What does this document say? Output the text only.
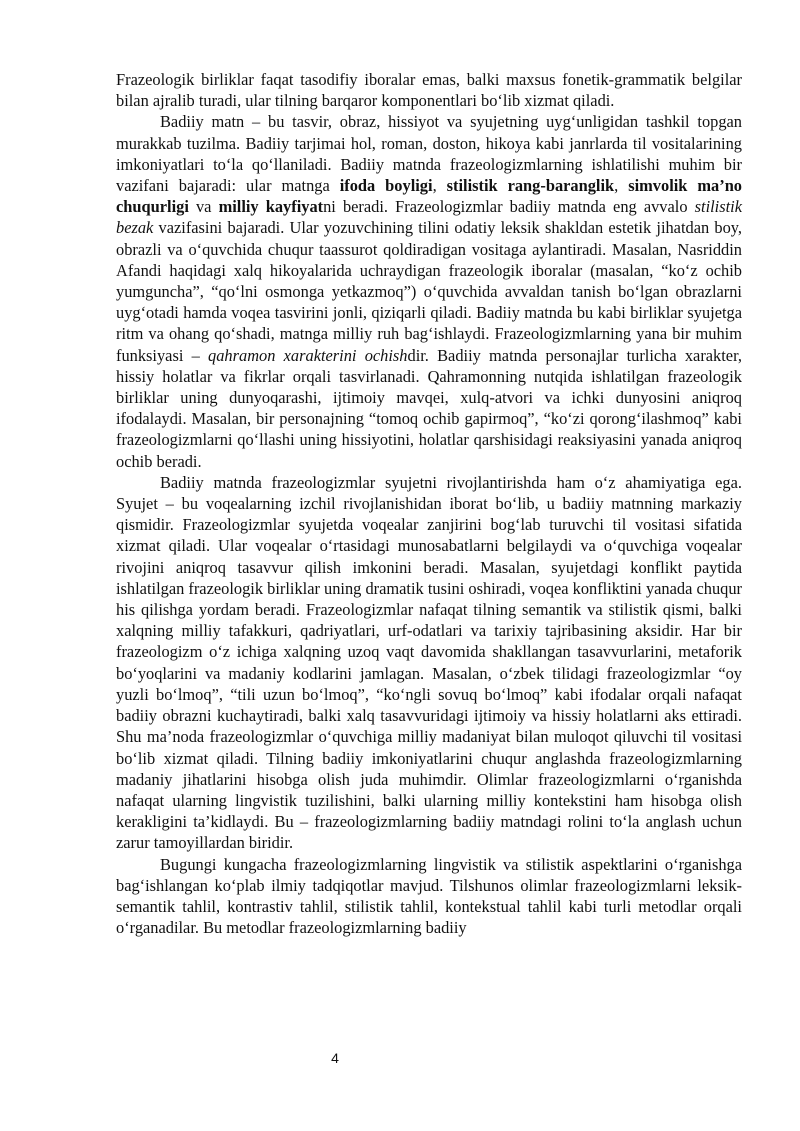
Frazeologik birliklar faqat tasodifiy iboralar emas, balki maxsus fonetik-grammatik belgilar bilan ajralib turadi, ular tilning barqaror komponentlari bo‘lib xizmat qiladi.

Badiiy matn – bu tasvir, obraz, hissiyot va syujetning uyg‘unligidan tashkil topgan murakkab tuzilma. Badiiy tarjimai hol, roman, doston, hikoya kabi janrlarda til vositalarining imkoniyatlari to‘la qo‘llaniladi. Badiiy matnda frazeologizmlarning ishlatilishi muhim bir vazifani bajaradi: ular matnga ifoda boyligi, stilistik rang-baranglik, simvolik ma’no chuqurligi va milliy kayfiyatni beradi. Frazeologizmlar badiiy matnda eng avvalo stilistik bezak vazifasini bajaradi. Ular yozuvchining tilini odatiy leksik shakldan estetik jihatdan boy, obrazli va o‘quvchida chuqur taassurot qoldiradigan vositaga aylantiradi. Masalan, Nasriddin Afandi haqidagi xalq hikoyalarida uchraydigan frazeologik iboralar (masalan, “ko‘z ochib yumguncha”, “qo‘lni osmonga yetkazmoq”) o‘quvchida avvaldan tanish bo‘lgan obrazlarni uyg‘otadi hamda voqea tasvirini jonli, qiziqarli qiladi. Badiiy matnda bu kabi birliklar syujetga ritm va ohang qo‘shadi, matnga milliy ruh bag‘ishlaydi. Frazeologizmlarning yana bir muhim funksiyasi – qahramon xarakterini ochishdir. Badiiy matnda personajlar turlicha xarakter, hissiy holatlar va fikrlar orqali tasvirlanadi. Qahramonning nutqida ishlatilgan frazeologik birliklar uning dunyoqarashi, ijtimoiy mavqei, xulq-atvori va ichki dunyosini aniqroq ifodalaydi. Masalan, bir personajning “tomoq ochib gapirmoq”, “ko‘zi qorong‘ilashmoq” kabi frazeologizmlarni qo‘llashi uning hissiyotini, holatlar qarshisidagi reaksiyasini yanada aniqroq ochib beradi.

Badiiy matnda frazeologizmlar syujetni rivojlantirishda ham o‘z ahamiyatiga ega. Syujet – bu voqealarning izchil rivojlanishidan iborat bo‘lib, u badiiy matnning markaziy qismidir. Frazeologizmlar syujetda voqealar zanjirini bog‘lab turuvchi til vositasi sifatida xizmat qiladi. Ular voqealar o‘rtasidagi munosabatlarni belgilaydi va o‘quvchiga voqealar rivojini aniqroq tasavvur qilish imkonini beradi. Masalan, syujetdagi konflikt paytida ishlatilgan frazeologik birliklar uning dramatik tusini oshiradi, voqea konfliktini yanada chuqur his qilishga yordam beradi. Frazeologizmlar nafaqat tilning semantik va stilistik qismi, balki xalqning milliy tafakkuri, qadriyatlari, urf-odatlari va tarixiy tajribasining aksidir. Har bir frazeologizm o‘z ichiga xalqning uzoq vaqt davomida shakllangan tasavvurlarini, metaforik bo‘yoqlarini va madaniy kodlarini jamlagan. Masalan, o‘zbek tilidagi frazeologizmlar “oy yuzli bo‘lmoq”, “tili uzun bo‘lmoq”, “ko‘ngli sovuq bo‘lmoq” kabi ifodalar orqali nafaqat badiiy obrazni kuchaytiradi, balki xalq tasavvuridagi ijtimoiy va hissiy holatlarni aks ettiradi. Shu ma’noda frazeologizmlar o‘quvchiga milliy madaniyat bilan muloqot qiluvchi til vositasi bo‘lib xizmat qiladi. Tilning badiiy imkoniyatlarini chuqur anglashda frazeologizmlarning madaniy jihatlarini hisobga olish juda muhimdir. Olimlar frazeologizmlarni o‘rganishda nafaqat ularning lingvistik tuzilishini, balki ularning milliy kontekstini ham hisobga olish kerakligini ta’kidlaydi. Bu – frazeologizmlarning badiiy matndagi rolini to‘la anglash uchun zarur tamoyillardan biridir.

Bugungi kungacha frazeologizmlarning lingvistik va stilistik aspektlarini o‘rganishga bag‘ishlangan ko‘plab ilmiy tadqiqotlar mavjud. Tilshunos olimlar frazeologizmlarni leksik-semantik tahlil, kontrastiv tahlil, stilistik tahlil, kontekstual tahlil kabi turli metodlar orqali o‘rganadilar. Bu metodlar frazeologizmlarning badiiy

4
